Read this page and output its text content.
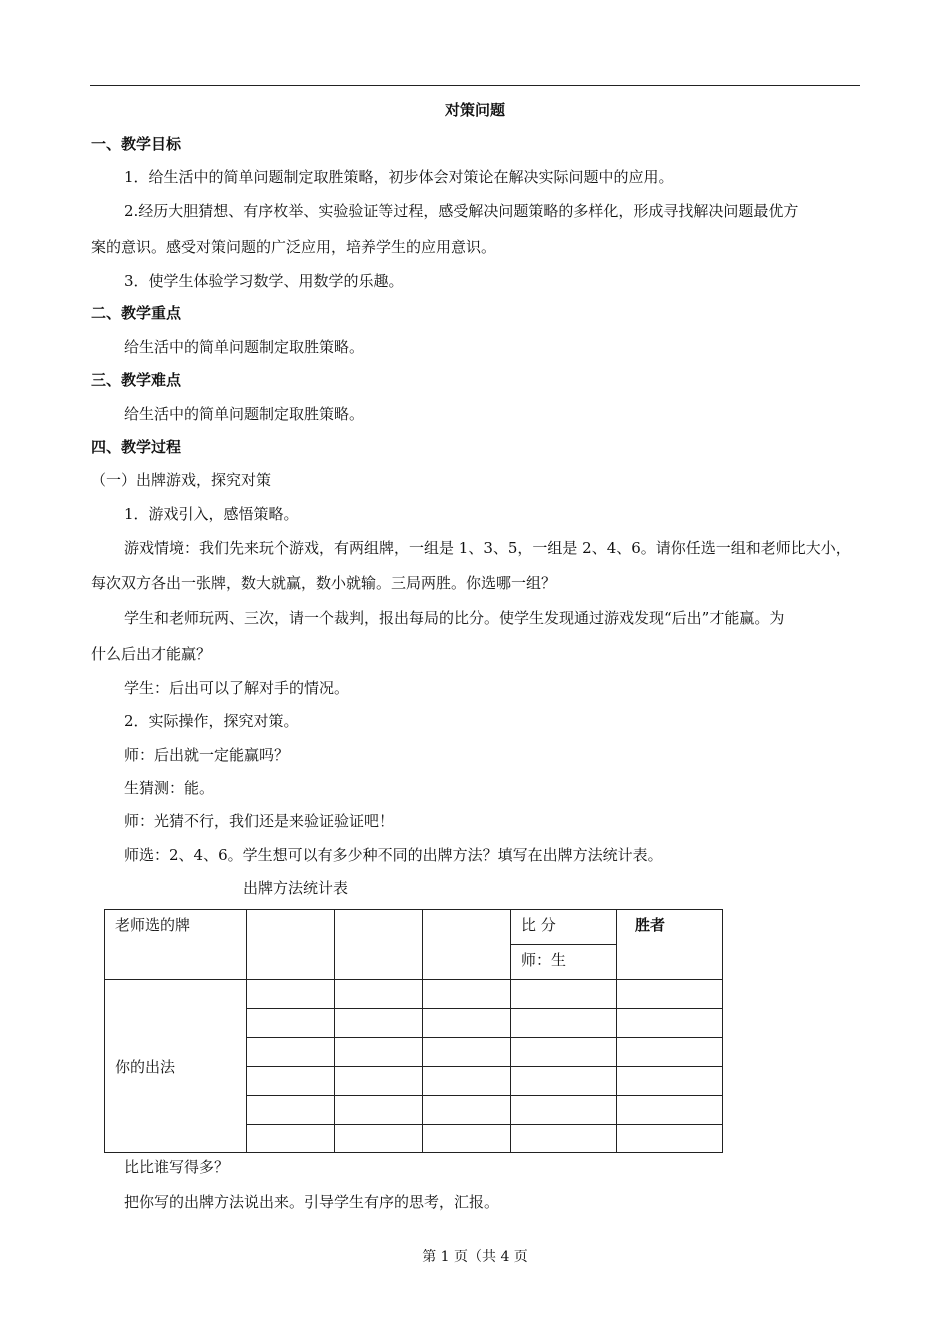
对策问题
一、教学目标
1．给生活中的简单问题制定取胜策略，初步体会对策论在解决实际问题中的应用。
2.经历大胆猜想、有序枚举、实验验证等过程，感受解决问题策略的多样化，形成寻找解决问题最优方
案的意识。感受对策问题的广泛应用，培养学生的应用意识。
3．使学生体验学习数学、用数学的乐趣。
二、教学重点
给生活中的简单问题制定取胜策略。
三、教学难点
给生活中的简单问题制定取胜策略。
四、教学过程
（一）出牌游戏，探究对策
1．游戏引入，感悟策略。
游戏情境：我们先来玩个游戏，有两组牌，一组是 1、3、5，一组是 2、4、6。请你任选一组和老师比大小，
每次双方各出一张牌，数大就赢，数小就输。三局两胜。你选哪一组？
学生和老师玩两、三次，请一个裁判，报出每局的比分。使学生发现通过游戏发现“后出”才能赢。为
什么后出才能赢？
学生：后出可以了解对手的情况。
2．实际操作，探究对策。
师：后出就一定能赢吗？
生猜测：能。
师：光猜不行，我们还是来验证验证吧！
师选：2、4、6。学生想可以有多少种不同的出牌方法？填写在出牌方法统计表。
出牌方法统计表
老师选的牌				比 分	胜者

				师：生	

你的出法					

比比谁写得多？
把你写的出牌方法说出来。引导学生有序的思考，汇报。
第 1 页（共 4 页
